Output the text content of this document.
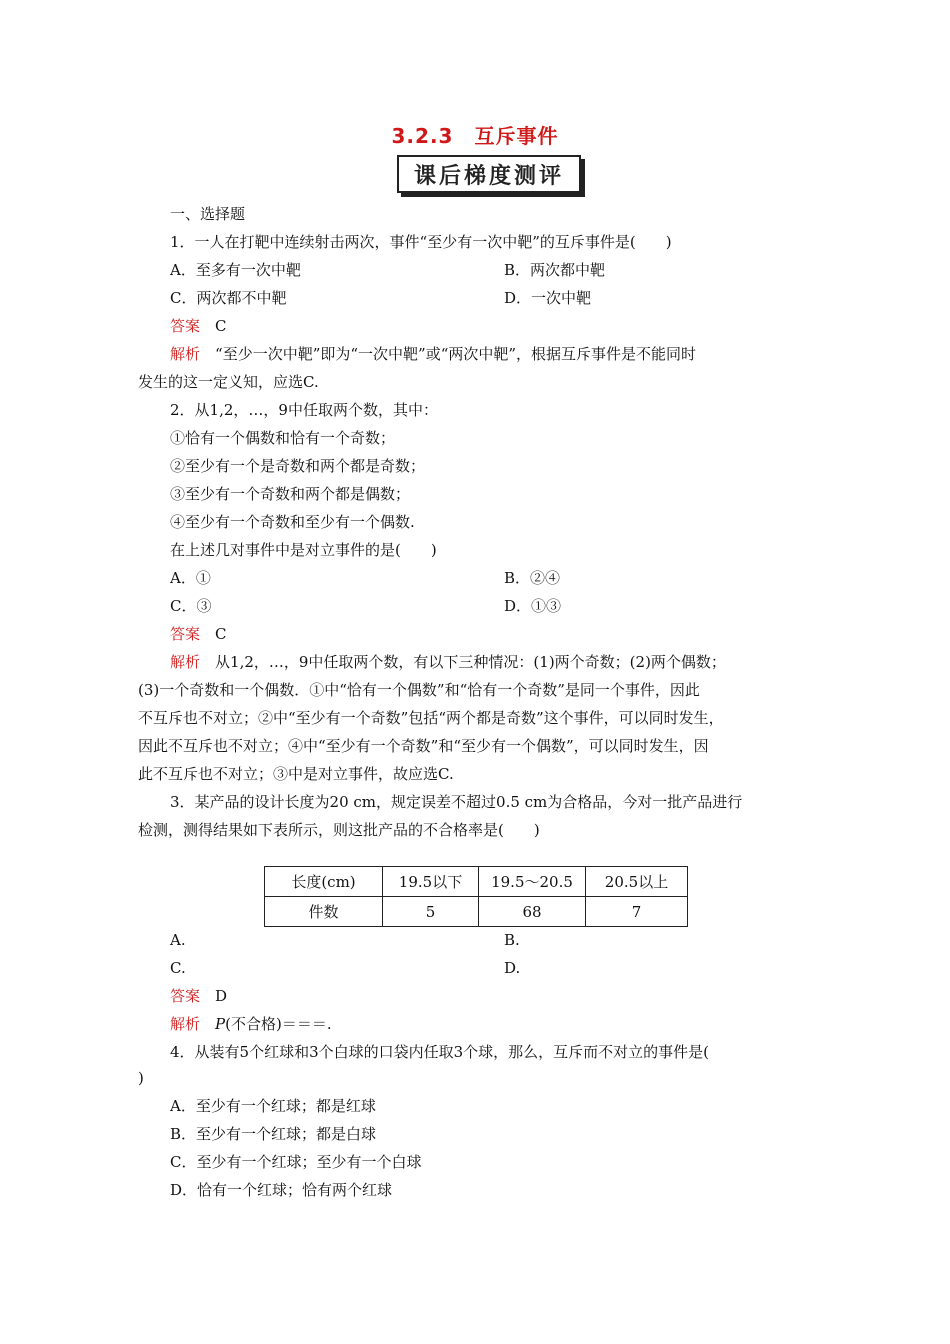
3.2.3　互斥事件
课后梯度测评
一、选择题
1．一人在打靶中连续射击两次，事件“至少有一次中靶”的互斥事件是(　　)
A．至多有一次中靶	B．两次都中靶
C．两次都不中靶	D．一次中靶
答案　 C
解析　 “至少一次中靶”即为“一次中靶”或“两次中靶”，根据互斥事件是不能同时
发生的这一定义知，应选C.
2．从1,2，…，9中任取两个数，其中：
①恰有一个偶数和恰有一个奇数；
②至少有一个是奇数和两个都是奇数；
③至少有一个奇数和两个都是偶数；
④至少有一个奇数和至少有一个偶数.
在上述几对事件中是对立事件的是(　　)
A．①	B．②④
C．③	D．①③
答案　 C
解析　 从1,2，…，9中任取两个数，有以下三种情况：(1)两个奇数；(2)两个偶数；
(3)一个奇数和一个偶数．①中“恰有一个偶数”和“恰有一个奇数”是同一个事件，因此
不互斥也不对立；②中“至少有一个奇数”包括“两个都是奇数”这个事件，可以同时发生，
因此不互斥也不对立；④中“至少有一个奇数”和“至少有一个偶数”，可以同时发生，因
此不互斥也不对立；③中是对立事件，故应选C.
3．某产品的设计长度为20 cm，规定误差不超过0.5 cm为合格品，今对一批产品进行
检测，测得结果如下表所示，则这批产品的不合格率是(　　)
长度(cm)	19.5以下	19.5～20.5	20.5以上
件数	5	68	7
A.	B.
C.	D.
答案　 D
解析　 P(不合格)＝＝＝.
4．从装有5个红球和3个白球的口袋内任取3个球，那么，互斥而不对立的事件是(
)
A．至少有一个红球；都是红球
B．至少有一个红球；都是白球
C．至少有一个红球；至少有一个白球
D．恰有一个红球；恰有两个红球
